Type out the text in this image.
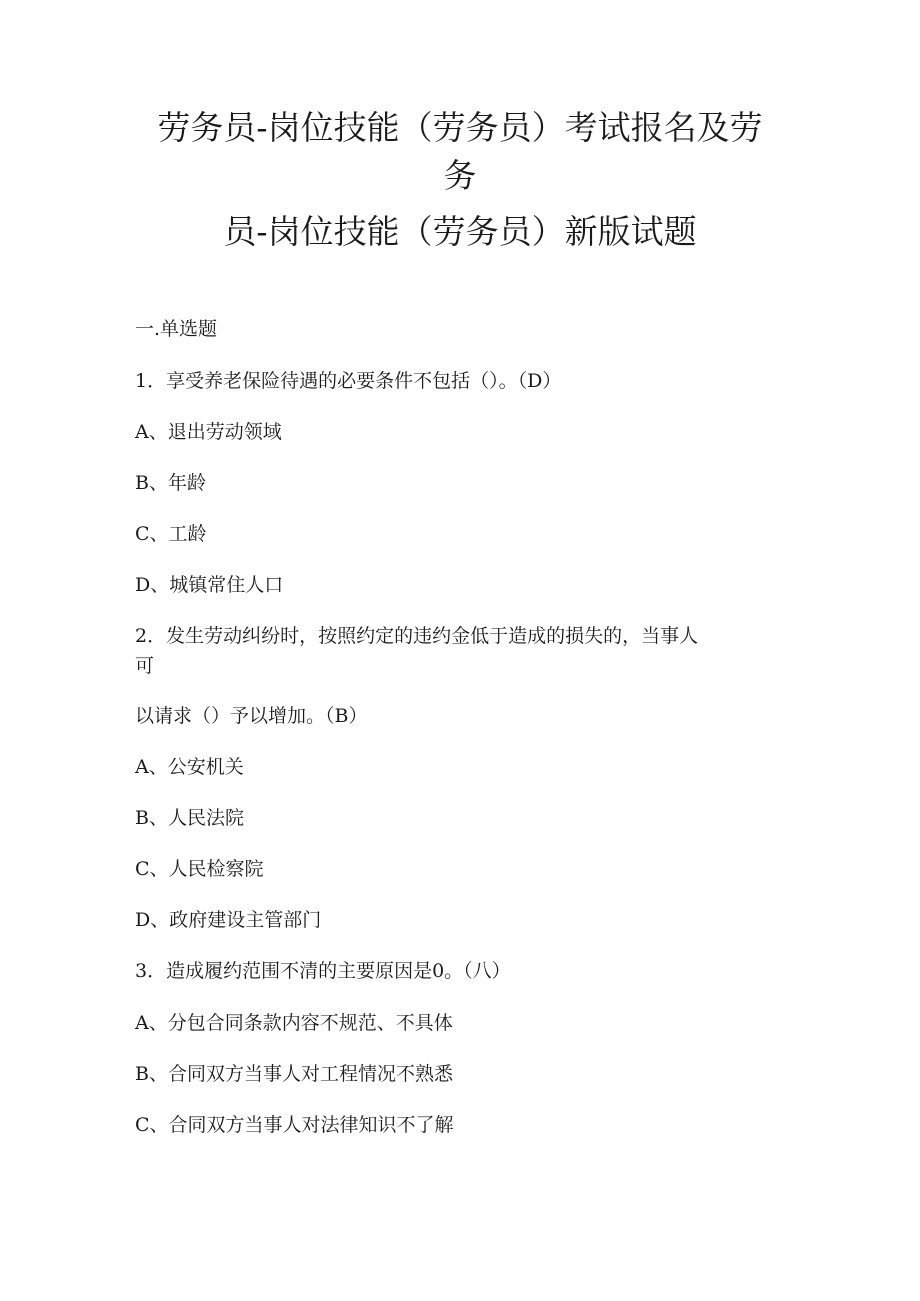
劳务员-岗位技能（劳务员）考试报名及劳
务
员-岗位技能（劳务员）新版试题
一.单选题
1．享受养老保险待遇的必要条件不包括（）。（D）
A、退出劳动领域
B、年龄
C、工龄
D、城镇常住人口
2．发生劳动纠纷时，按照约定的违约金低于造成的损失的，当事人
可
以请求（）予以增加。（B）
A、公安机关
B、人民法院
C、人民检察院
D、政府建设主管部门
3．造成履约范围不清的主要原因是0。（八）
A、分包合同条款内容不规范、不具体
B、合同双方当事人对工程情况不熟悉
C、合同双方当事人对法律知识不了解
